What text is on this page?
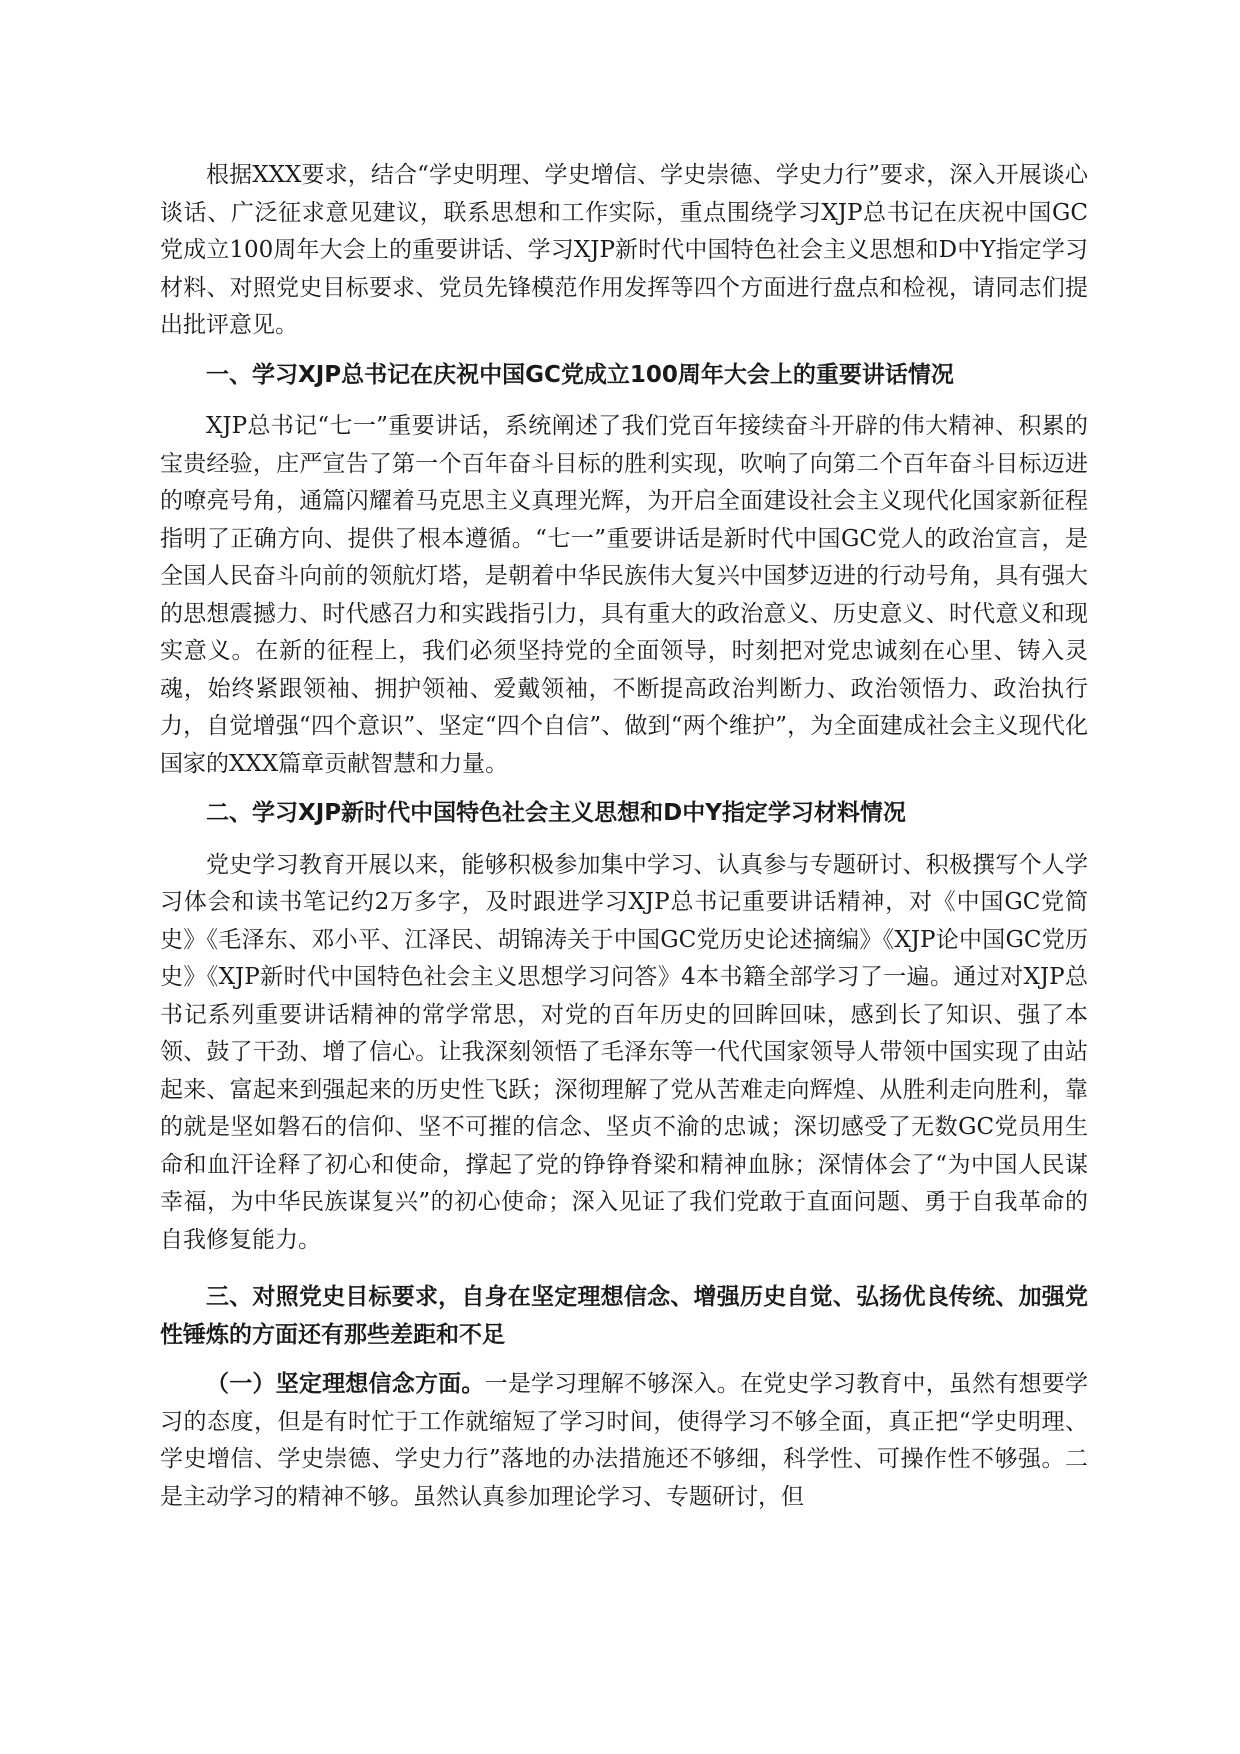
根据XXX要求，结合“学史明理、学史增信、学史崇德、学史力行”要求，深入开展谈心谈话、广泛征求意见建议，联系思想和工作实际，重点围绕学习XJP总书记在庆祝中国GC党成立100周年大会上的重要讲话、学习XJP新时代中国特色社会主义思想和D中Y指定学习材料、对照党史目标要求、党员先锋模范作用发挥等四个方面进行盘点和检视，请同志们提出批评意见。

一、学习XJP总书记在庆祝中国GC党成立100周年大会上的重要讲话情况

XJP总书记“七一”重要讲话，系统阐述了我们党百年接续奋斗开辟的伟大精神、积累的宝贵经验，庄严宣告了第一个百年奋斗目标的胜利实现，吹响了向第二个百年奋斗目标迈进的嘹亮号角，通篇闪耀着马克思主义真理光辉，为开启全面建设社会主义现代化国家新征程指明了正确方向、提供了根本遵循。“七一”重要讲话是新时代中国GC党人的政治宣言，是全国人民奋斗向前的领航灯塔，是朝着中华民族伟大复兴中国梦迈进的行动号角，具有强大的思想震撼力、时代感召力和实践指引力，具有重大的政治意义、历史意义、时代意义和现实意义。在新的征程上，我们必须坚持党的全面领导，时刻把对党忠诚刻在心里、铸入灵魂，始终紧跟领袖、拥护领袖、爱戴领袖，不断提高政治判断力、政治领悟力、政治执行力，自觉增强“四个意识”、坚定“四个自信”、做到“两个维护”，为全面建成社会主义现代化国家的XXX篇章贡献智慧和力量。

二、学习XJP新时代中国特色社会主义思想和D中Y指定学习材料情况

党史学习教育开展以来，能够积极参加集中学习、认真参与专题研讨、积极撰写个人学习体会和读书笔记约2万多字，及时跟进学习XJP总书记重要讲话精神，对《中国GC党简史》《毛泽东、邓小平、江泽民、胡锦涛关于中国GC党历史论述摘编》《XJP论中国GC党历史》《XJP新时代中国特色社会主义思想学习问答》4本书籍全部学习了一遍。通过对XJP总书记系列重要讲话精神的常学常思，对党的百年历史的回眸回味，感到长了知识、强了本领、鼓了干劲、增了信心。让我深刻领悟了毛泽东等一代代国家领导人带领中国实现了由站起来、富起来到强起来的历史性飞跃；深彻理解了党从苦难走向辉煌、从胜利走向胜利，靠的就是坚如磐石的信仰、坚不可摧的信念、坚贞不渝的忠诚；深切感受了无数GC党员用生命和血汗诠释了初心和使命，撑起了党的铮铮脊梁和精神血脉；深情体会了“为中国人民谋幸福，为中华民族谋复兴”的初心使命；深入见证了我们党敢于直面问题、勇于自我革命的自我修复能力。

三、对照党史目标要求，自身在坚定理想信念、增强历史自觉、弘扬优良传统、加强党性锤炼的方面还有那些差距和不足

（一）坚定理想信念方面。一是学习理解不够深入。在党史学习教育中，虽然有想要学习的态度，但是有时忙于工作就缩短了学习时间，使得学习不够全面，真正把“学史明理、学史增信、学史崇德、学史力行”落地的办法措施还不够细，科学性、可操作性不够强。二是主动学习的精神不够。虽然认真参加理论学习、专题研讨，但
